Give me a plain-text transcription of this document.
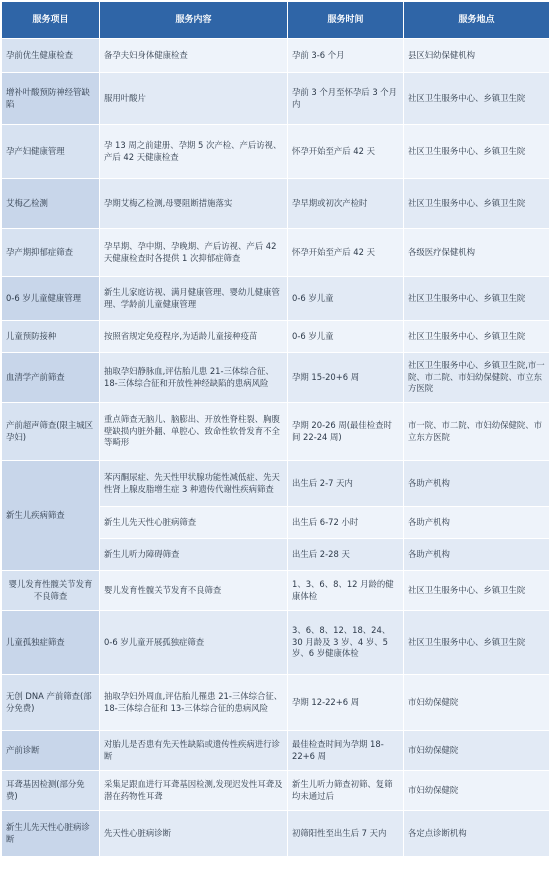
服务项目	服务内容	服务时间	服务地点
孕前优生健康检查	备孕夫妇身体健康检查	孕前 3-6 个月	县区妇幼保健机构
增补叶酸预防神经管缺陷	服用叶酸片	孕前 3 个月至怀孕后 3 个月内	社区卫生服务中心、乡镇卫生院
孕产妇健康管理	孕 13 周之前建册、孕期 5 次产检、产后访视、产后 42 天健康检查	怀孕开始至产后 42 天	社区卫生服务中心、乡镇卫生院
艾梅乙检测	孕期艾梅乙检测,母婴阻断措施落实	孕早期或初次产检时	社区卫生服务中心、乡镇卫生院
孕产期抑郁症筛查	孕早期、孕中期、孕晚期、产后访视、产后 42 天健康检查时各提供 1 次抑郁症筛查	怀孕开始至产后 42 天	各级医疗保健机构
0-6 岁儿童健康管理	新生儿家庭访视、满月健康管理、婴幼儿健康管理、学龄前儿童健康管理	0-6 岁儿童	社区卫生服务中心、乡镇卫生院
儿童预防接种	按照省规定免疫程序,为适龄儿童接种疫苗	0-6 岁儿童	社区卫生服务中心、乡镇卫生院
血清学产前筛查	抽取孕妇静脉血,评估胎儿患 21-三体综合征、18-三体综合征和开放性神经缺陷的患病风险	孕期 15-20+6 周	社区卫生服务中心、乡镇卫生院,市一院、市二院、市妇幼保健院、市立东方医院
产前超声筛查(限主城区孕妇)	重点筛查无脑儿、脑膨出、开放性脊柱裂、胸腹壁缺损内脏外翻、单腔心、致命性软骨发育不全等畸形	孕期 20-26 周(最佳检查时间 22-24 周)	市一院、市二院、市妇幼保健院、市立东方医院
新生儿疾病筛查	苯丙酮尿症、先天性甲状腺功能性减低症、先天性肾上腺皮脂增生症 3 种遗传代谢性疾病筛查	出生后 2-7 天内	各助产机构
	新生儿先天性心脏病筛查	出生后 6-72 小时	各助产机构
	新生儿听力障碍筛查	出生后 2-28 天	各助产机构
婴儿发育性髋关节发育不良筛查	婴儿发育性髋关节发育不良筛查	1、3、6、8、12 月龄的健康体检	社区卫生服务中心、乡镇卫生院
儿童孤独症筛查	0-6 岁儿童开展孤独症筛查	3、6、8、12、18、24、30 月龄及 3 岁、4 岁、5 岁、6 岁健康体检	社区卫生服务中心、乡镇卫生院
无创 DNA 产前筛查(部分免费)	抽取孕妇外周血,评估胎儿罹患 21-三体综合征、18-三体综合征和 13-三体综合征的患病风险	孕期 12-22+6 周	市妇幼保健院
产前诊断	对胎儿是否患有先天性缺陷或遗传性疾病进行诊断	最佳检查时间为孕期 18-22+6 周	市妇幼保健院
耳聋基因检测(部分免费)	采集足跟血进行耳聋基因检测,发现迟发性耳聋及潜在药物性耳聋	新生儿听力筛查初筛、复筛均未通过后	市妇幼保健院
新生儿先天性心脏病诊断	先天性心脏病诊断	初筛阳性至出生后 7 天内	各定点诊断机构
